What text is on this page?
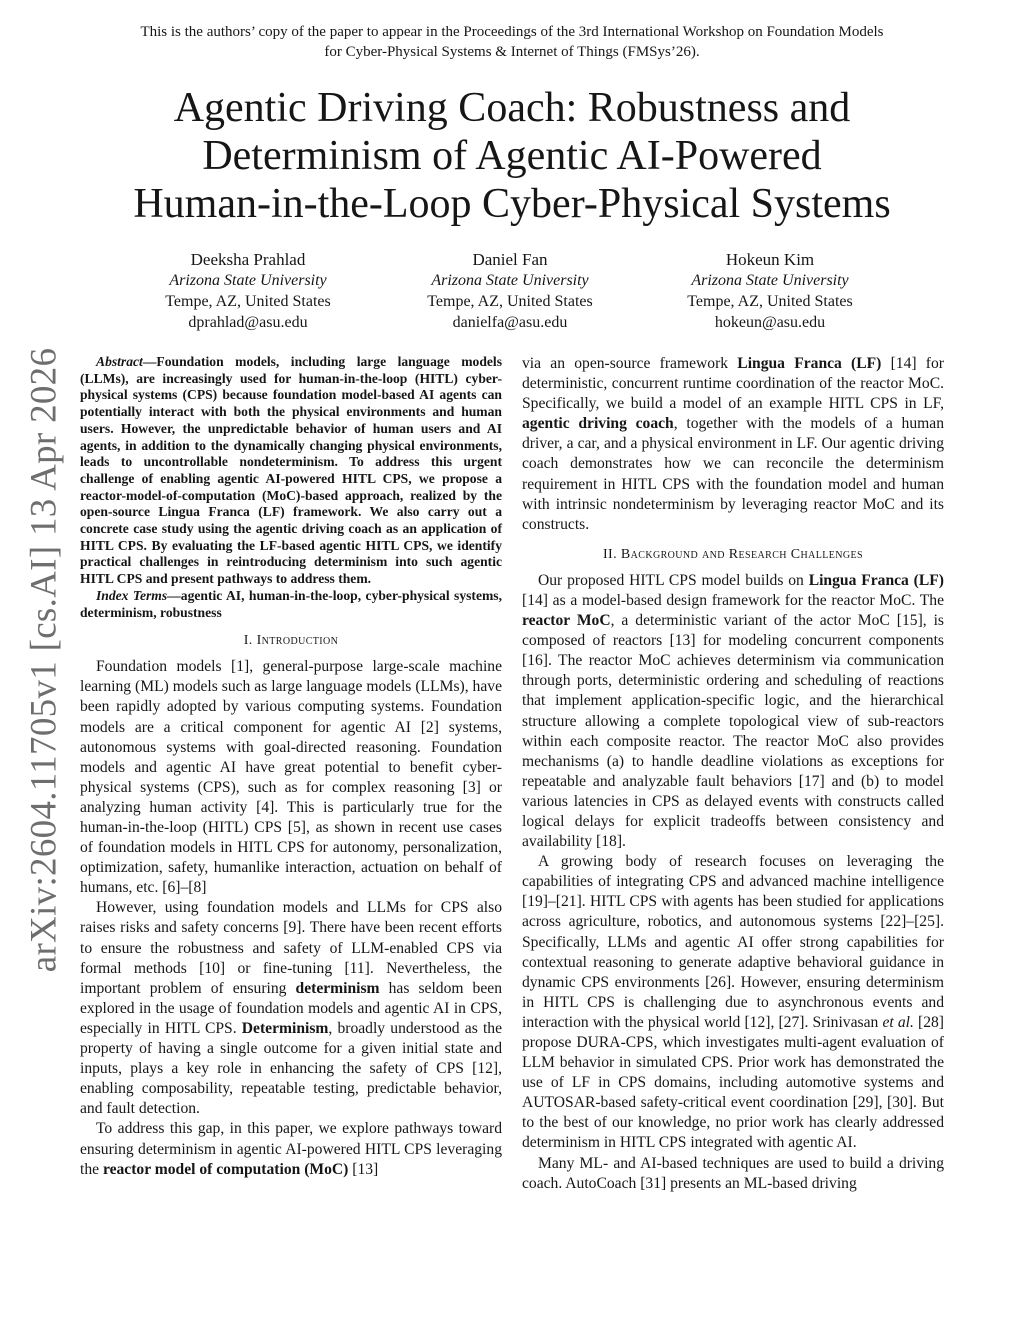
This is the authors’ copy of the paper to appear in the Proceedings of the 3rd International Workshop on Foundation Models
for Cyber-Physical Systems & Internet of Things (FMSys’26).
arXiv:2604.11705v1 [cs.AI] 13 Apr 2026
Agentic Driving Coach: Robustness and
Determinism of Agentic AI-Powered
Human-in-the-Loop Cyber-Physical Systems
Deeksha Prahlad
Arizona State University
Tempe, AZ, United States
dprahlad@asu.edu
Daniel Fan
Arizona State University
Tempe, AZ, United States
danielfa@asu.edu
Hokeun Kim
Arizona State University
Tempe, AZ, United States
hokeun@asu.edu

Abstract—Foundation models, including large language models (LLMs), are increasingly used for human-in-the-loop (HITL) cyber-physical systems (CPS) because foundation model-based AI agents can potentially interact with both the physical environments and human users. However, the unpredictable behavior of human users and AI agents, in addition to the dynamically changing physical environments, leads to uncontrollable nondeterminism. To address this urgent challenge of enabling agentic AI-powered HITL CPS, we propose a reactor-model-of-computation (MoC)-based approach, realized by the open-source Lingua Franca (LF) framework. We also carry out a concrete case study using the agentic driving coach as an application of HITL CPS. By evaluating the LF-based agentic HITL CPS, we identify practical challenges in reintroducing determinism into such agentic HITL CPS and present pathways to address them.

Index Terms—agentic AI, human-in-the-loop, cyber-physical systems, determinism, robustness

I. Introduction

Foundation models [1], general-purpose large-scale machine learning (ML) models such as large language models (LLMs), have been rapidly adopted by various computing systems. Foundation models are a critical component for agentic AI [2] systems, autonomous systems with goal-directed reasoning. Foundation models and agentic AI have great potential to benefit cyber-physical systems (CPS), such as for complex reasoning [3] or analyzing human activity [4]. This is particularly true for the human-in-the-loop (HITL) CPS [5], as shown in recent use cases of foundation models in HITL CPS for autonomy, personalization, optimization, safety, humanlike interaction, actuation on behalf of humans, etc. [6]–[8]

However, using foundation models and LLMs for CPS also raises risks and safety concerns [9]. There have been recent efforts to ensure the robustness and safety of LLM-enabled CPS via formal methods [10] or fine-tuning [11]. Nevertheless, the important problem of ensuring determinism has seldom been explored in the usage of foundation models and agentic AI in CPS, especially in HITL CPS. Determinism, broadly understood as the property of having a single outcome for a given initial state and inputs, plays a key role in enhancing the safety of CPS [12], enabling composability, repeatable testing, predictable behavior, and fault detection.

To address this gap, in this paper, we explore pathways toward ensuring determinism in agentic AI-powered HITL CPS leveraging the reactor model of computation (MoC) [13]

via an open-source framework Lingua Franca (LF) [14] for deterministic, concurrent runtime coordination of the reactor MoC. Specifically, we build a model of an example HITL CPS in LF, agentic driving coach, together with the models of a human driver, a car, and a physical environment in LF. Our agentic driving coach demonstrates how we can reconcile the determinism requirement in HITL CPS with the foundation model and human with intrinsic nondeterminism by leveraging reactor MoC and its constructs.

II. Background and Research Challenges

Our proposed HITL CPS model builds on Lingua Franca (LF) [14] as a model-based design framework for the reactor MoC. The reactor MoC, a deterministic variant of the actor MoC [15], is composed of reactors [13] for modeling concurrent components [16]. The reactor MoC achieves determinism via communication through ports, deterministic ordering and scheduling of reactions that implement application-specific logic, and the hierarchical structure allowing a complete topological view of sub-reactors within each composite reactor. The reactor MoC also provides mechanisms (a) to handle deadline violations as exceptions for repeatable and analyzable fault behaviors [17] and (b) to model various latencies in CPS as delayed events with constructs called logical delays for explicit tradeoffs between consistency and availability [18].

A growing body of research focuses on leveraging the capabilities of integrating CPS and advanced machine intelligence [19]–[21]. HITL CPS with agents has been studied for applications across agriculture, robotics, and autonomous systems [22]–[25]. Specifically, LLMs and agentic AI offer strong capabilities for contextual reasoning to generate adaptive behavioral guidance in dynamic CPS environments [26]. However, ensuring determinism in HITL CPS is challenging due to asynchronous events and interaction with the physical world [12], [27]. Srinivasan et al. [28] propose DURA-CPS, which investigates multi-agent evaluation of LLM behavior in simulated CPS. Prior work has demonstrated the use of LF in CPS domains, including automotive systems and AUTOSAR-based safety-critical event coordination [29], [30]. But to the best of our knowledge, no prior work has clearly addressed determinism in HITL CPS integrated with agentic AI.

Many ML- and AI-based techniques are used to build a driving coach. AutoCoach [31] presents an ML-based driving
